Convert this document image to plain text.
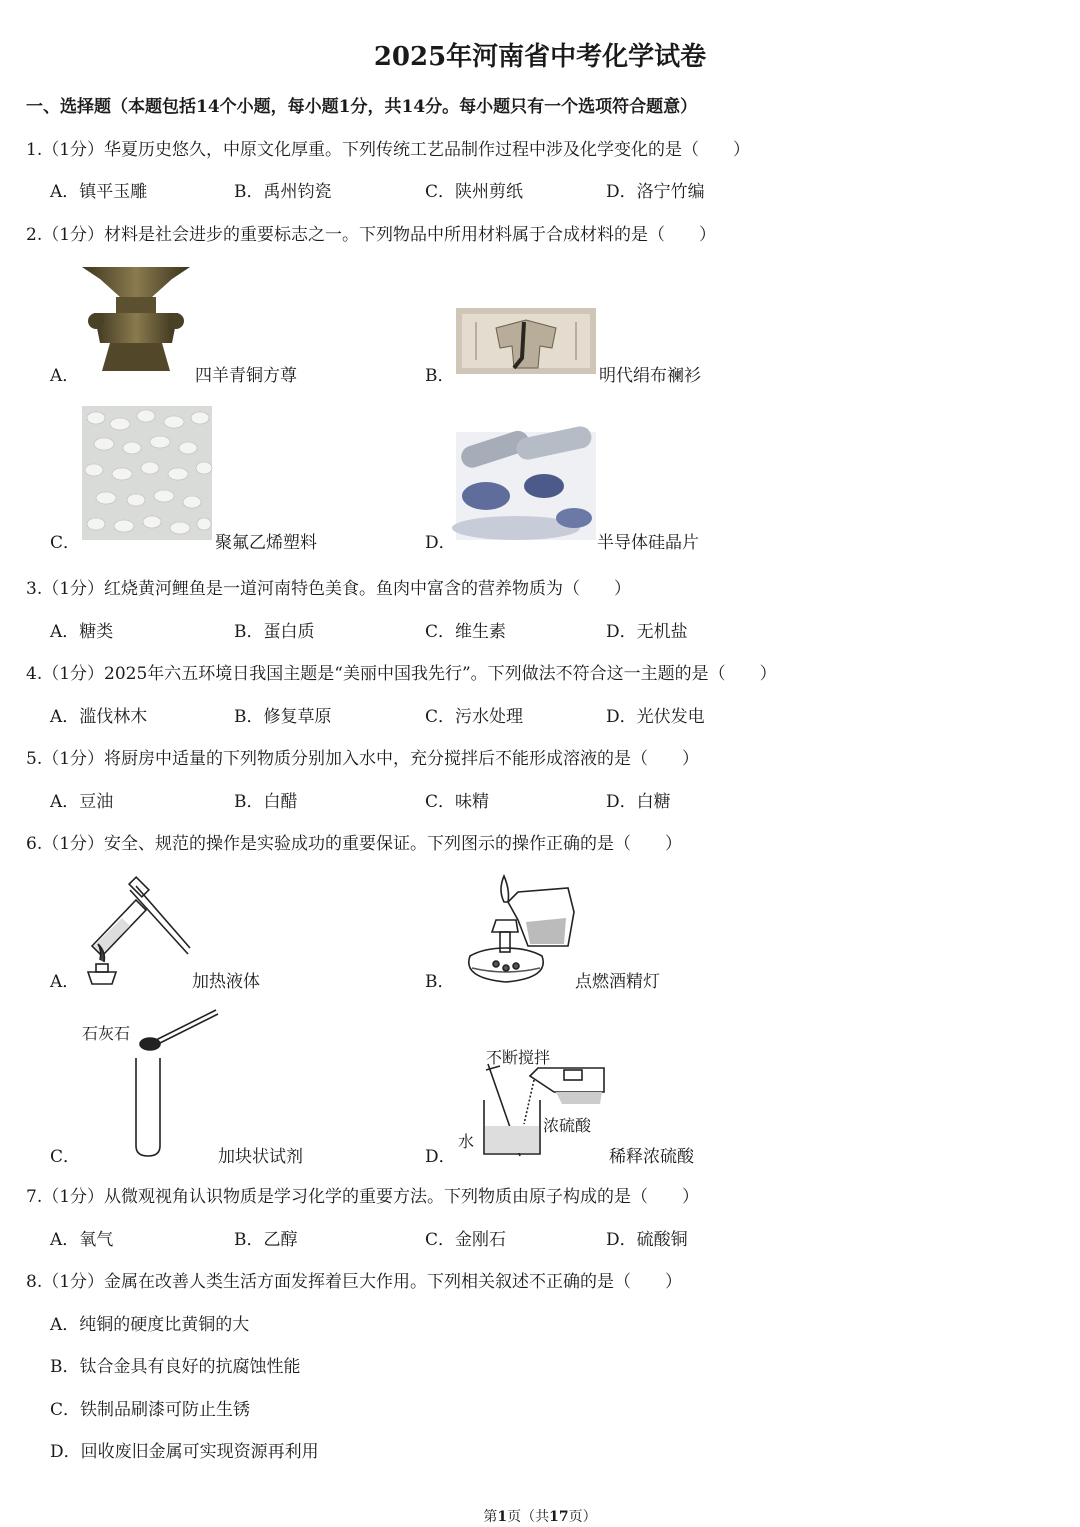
2025年河南省中考化学试卷
一、选择题（本题包括14个小题，每小题1分，共14分。每小题只有一个选项符合题意）
1.（1分）华夏历史悠久，中原文化厚重。下列传统工艺品制作过程中涉及化学变化的是（　　）
A．镇平玉雕	B．禹州钧瓷	C．陕州剪纸	D．洛宁竹编
2.（1分）材料是社会进步的重要标志之一。下列物品中所用材料属于合成材料的是（　　）
A．	四羊青铜方尊	B．	明代绢布襕衫
C．	聚氟乙烯塑料	D．	半导体硅晶片
3.（1分）红烧黄河鲤鱼是一道河南特色美食。鱼肉中富含的营养物质为（　　）
A．糖类	B．蛋白质	C．维生素	D．无机盐
4.（1分）2025年六五环境日我国主题是“美丽中国我先行”。下列做法不符合这一主题的是（　　）
A．滥伐林木	B．修复草原	C．污水处理	D．光伏发电
5.（1分）将厨房中适量的下列物质分别加入水中，充分搅拌后不能形成溶液的是（　　）
A．豆油	B．白醋	C．味精	D．白糖
6.（1分）安全、规范的操作是实验成功的重要保证。下列图示的操作正确的是（　　）
A．	加热液体	B．	点燃酒精灯
石灰石
C．	加块状试剂
不断搅拌
浓硫酸
水
D．	稀释浓硫酸
7.（1分）从微观视角认识物质是学习化学的重要方法。下列物质由原子构成的是（　　）
A．氧气	B．乙醇	C．金刚石	D．硫酸铜
8.（1分）金属在改善人类生活方面发挥着巨大作用。下列相关叙述不正确的是（　　）
A．纯铜的硬度比黄铜的大
B．钛合金具有良好的抗腐蚀性能
C．铁制品刷漆可防止生锈
D．回收废旧金属可实现资源再利用
第1页（共17页）
